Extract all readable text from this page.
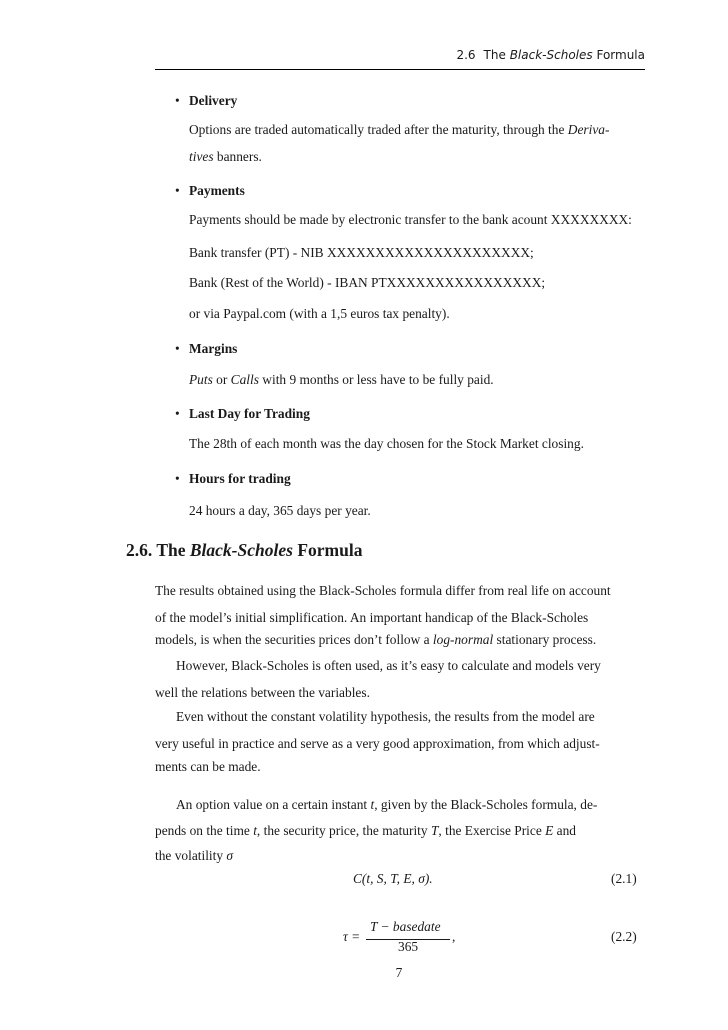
2.6 The Black-Scholes Formula
• Delivery
Options are traded automatically traded after the maturity, through the Deriva-
tives banners.
• Payments
Payments should be made by electronic transfer to the bank acount XXXXXXXX:
Bank transfer (PT) - NIB XXXXXXXXXXXXXXXXXXXXX;
Bank (Rest of the World) - IBAN PTXXXXXXXXXXXXXXXX;
or via Paypal.com (with a 1,5 euros tax penalty).
• Margins
Puts or Calls with 9 months or less have to be fully paid.
• Last Day for Trading
The 28th of each month was the day chosen for the Stock Market closing.
• Hours for trading
24 hours a day, 365 days per year.
2.6. The Black-Scholes Formula
The results obtained using the Black-Scholes formula differ from real life on account
of the model’s initial simplification. An important handicap of the Black-Scholes
models, is when the securities prices don’t follow a log-normal stationary process.
However, Black-Scholes is often used, as it’s easy to calculate and models very
well the relations between the variables.
Even without the constant volatility hypothesis, the results from the model are
very useful in practice and serve as a very good approximation, from which adjust-
ments can be made.
An option value on a certain instant t, given by the Black-Scholes formula, de-
pends on the time t, the security price, the maturity T, the Exercise Price E and
the volatility σ
C(t, S, T, E, σ).	(2.1)
τ =
T − basedate
365
,	(2.2)
7
